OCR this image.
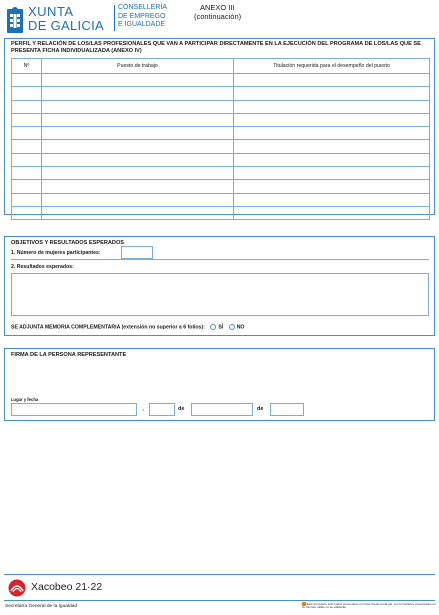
XUNTA
DE GALICIA
CONSELLERÍA
DE EMPREGO
E IGUALDADE
ANEXO III
(continuación)
PERFIL Y RELACIÓN DE LOS/LAS PROFESIONALES QUE VAN A PARTICIPAR DIRECTAMENTE EN LA EJECUCIÓN DEL PROGRAMA DE LOS/LAS QUE SE PRESENTA FICHA INDIVIDUALIZADA (ANEXO IV)
Nº	Puesto de trabajo	Titulación requerida para el desempeño del puesto

OBJETIVOS Y RESULTADOS ESPERADOS
1. Número de mujeres participantes:
2. Resultados esperados:
SE ADJUNTA MEMORIA COMPLEMENTARIA (extensión no superior a 6 folios):	SÍ	NO
FIRMA DE LA PERSONA REPRESENTANTE
Lugar y fecha
,	de	de
Xacobeo 21·22
Secretaría General de la Igualdad
Este formulario sólo podrá presentarse en https://sede.xunta.gal. Los formularios presentados en su formato válido no se validarán
